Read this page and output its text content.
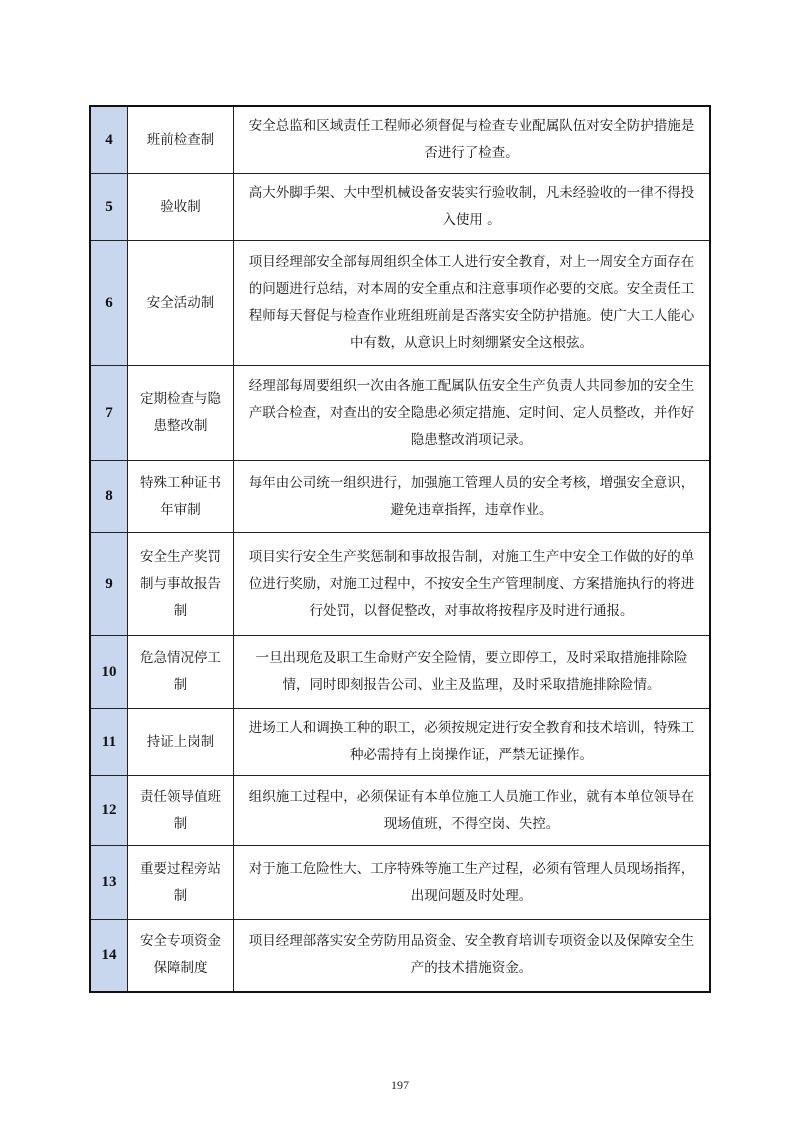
4	班前检查制	安全总监和区域责任工程师必须督促与检查专业配属队伍对安全防护措施是否进行了检查。
5	验收制	高大外脚手架、大中型机械设备安装实行验收制，凡未经验收的一律不得投入使用 。
6	安全活动制	项目经理部安全部每周组织全体工人进行安全教育，对上一周安全方面存在的问题进行总结，对本周的安全重点和注意事项作必要的交底。安全责任工程师每天督促与检查作业班组班前是否落实安全防护措施。使广大工人能心中有数，从意识上时刻绷紧安全这根弦。
7	定期检查与隐患整改制	经理部每周要组织一次由各施工配属队伍安全生产负责人共同参加的安全生产联合检查，对查出的安全隐患必须定措施、定时间、定人员整改，并作好隐患整改消项记录。
8	特殊工种证书年审制	每年由公司统一组织进行，加强施工管理人员的安全考核，增强安全意识，避免违章指挥，违章作业。
9	安全生产奖罚制与事故报告制	项目实行安全生产奖惩制和事故报告制，对施工生产中安全工作做的好的单位进行奖励，对施工过程中，不按安全生产管理制度、方案措施执行的将进行处罚，以督促整改，对事故将按程序及时进行通报。
10	危急情况停工制	一旦出现危及职工生命财产安全险情，要立即停工，及时采取措施排除险情，同时即刻报告公司、业主及监理，及时采取措施排除险情。
11	持证上岗制	进场工人和调换工种的职工，必须按规定进行安全教育和技术培训，特殊工种必需持有上岗操作证，严禁无证操作。
12	责任领导值班制	组织施工过程中，必须保证有本单位施工人员施工作业，就有本单位领导在现场值班，不得空岗、失控。
13	重要过程旁站制	对于施工危险性大、工序特殊等施工生产过程，必须有管理人员现场指挥，出现问题及时处理。
14	安全专项资金保障制度	项目经理部落实安全劳防用品资金、安全教育培训专项资金以及保障安全生产的技术措施资金。
197
